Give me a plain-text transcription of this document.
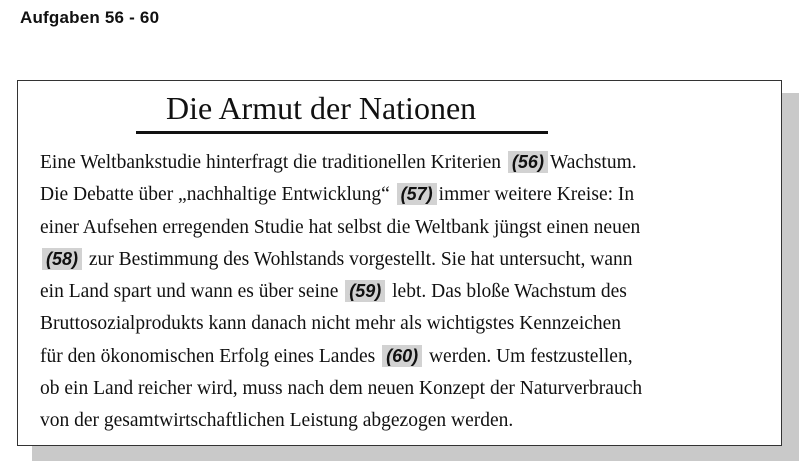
Aufgaben 56 - 60
Die Armut der Nationen
Eine Weltbankstudie hinterfragt die traditionellen Kriterien (56) Wachstum.
Die Debatte über „nachhaltige Entwicklung“ (57) immer weitere Kreise: In
einer Aufsehen erregenden Studie hat selbst die Weltbank jüngst einen neuen
(58) zur Bestimmung des Wohlstands vorgestellt. Sie hat untersucht, wann
ein Land spart und wann es über seine (59) lebt. Das bloße Wachstum des
Bruttosozialprodukts kann danach nicht mehr als wichtigstes Kennzeichen
für den ökonomischen Erfolg eines Landes (60) werden. Um festzustellen,
ob ein Land reicher wird, muss nach dem neuen Konzept der Naturverbrauch
von der gesamtwirtschaftlichen Leistung abgezogen werden.
